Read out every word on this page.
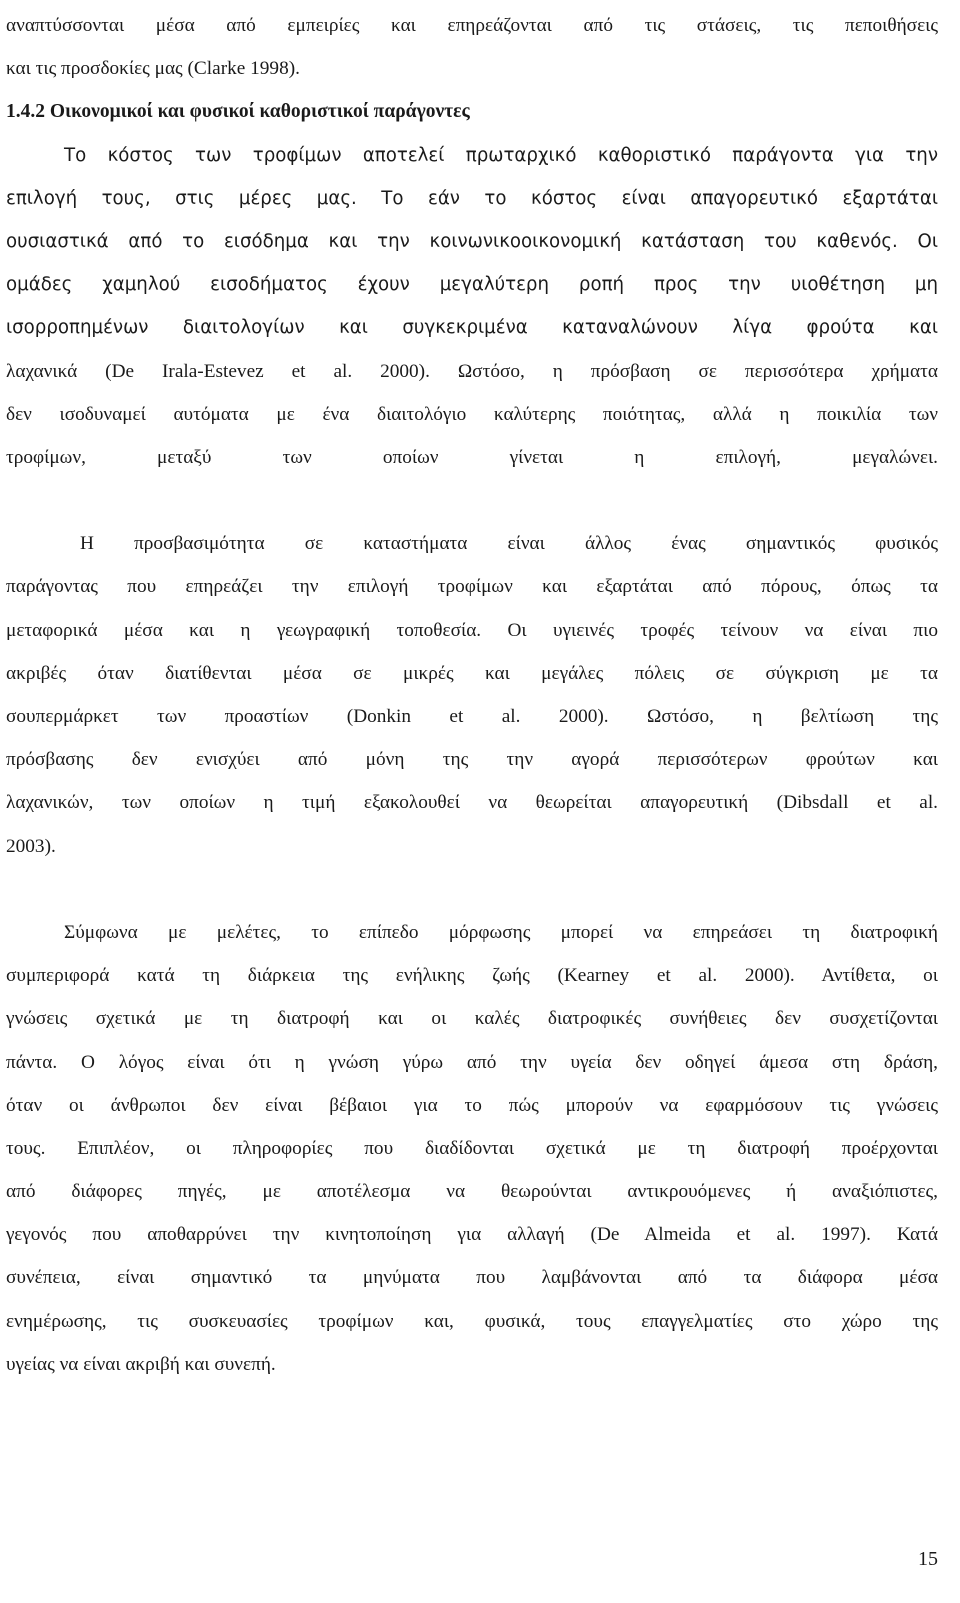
αναπτύσσονται μέσα από εμπειρίες και επηρεάζονται από τις στάσεις, τις πεποιθήσεις
και τις προσδοκίες μας (Clarke 1998).
1.4.2 Οικονομικοί και φυσικοί καθοριστικοί παράγοντες
Το κόστος των τροφίμων αποτελεί πρωταρχικό καθοριστικό παράγοντα για την
επιλογή τους, στις μέρες μας. Το εάν το κόστος είναι απαγορευτικό εξαρτάται
ουσιαστικά από το εισόδημα και την κοινωνικοοικονομική κατάσταση του καθενός. Οι
ομάδες χαμηλού εισοδήματος έχουν μεγαλύτερη ροπή προς την υιοθέτηση μη
ισορροπημένων διαιτολογίων και συγκεκριμένα καταναλώνουν λίγα φρούτα και
λαχανικά (De Irala-Estevez et al. 2000). Ωστόσο, η πρόσβαση σε περισσότερα χρήματα
δεν ισοδυναμεί αυτόματα με ένα διαιτολόγιο καλύτερης ποιότητας, αλλά η ποικιλία των
τροφίμων, μεταξύ των οποίων γίνεται η επιλογή, μεγαλώνει.
Η προσβασιμότητα σε καταστήματα είναι άλλος ένας σημαντικός φυσικός
παράγοντας που επηρεάζει την επιλογή τροφίμων και εξαρτάται από πόρους, όπως τα
μεταφορικά μέσα και η γεωγραφική τοποθεσία. Οι υγιεινές τροφές τείνουν να είναι πιο
ακριβές όταν διατίθενται μέσα σε μικρές και μεγάλες πόλεις σε σύγκριση με τα
σουπερμάρκετ των προαστίων (Donkin et al. 2000). Ωστόσο, η βελτίωση της
πρόσβασης δεν ενισχύει από μόνη της την αγορά περισσότερων φρούτων και
λαχανικών, των οποίων η τιμή εξακολουθεί να θεωρείται απαγορευτική (Dibsdall et al.
2003).
Σύμφωνα με μελέτες, το επίπεδο μόρφωσης μπορεί να επηρεάσει τη διατροφική
συμπεριφορά κατά τη διάρκεια της ενήλικης ζωής (Kearney et al. 2000). Αντίθετα, οι
γνώσεις σχετικά με τη διατροφή και οι καλές διατροφικές συνήθειες δεν συσχετίζονται
πάντα. Ο λόγος είναι ότι η γνώση γύρω από την υγεία δεν οδηγεί άμεσα στη δράση,
όταν οι άνθρωποι δεν είναι βέβαιοι για το πώς μπορούν να εφαρμόσουν τις γνώσεις
τους. Επιπλέον, οι πληροφορίες που διαδίδονται σχετικά με τη διατροφή προέρχονται
από διάφορες πηγές, με αποτέλεσμα να θεωρούνται αντικρουόμενες ή αναξιόπιστες,
γεγονός που αποθαρρύνει την κινητοποίηση για αλλαγή (De Almeida et al. 1997). Κατά
συνέπεια, είναι σημαντικό τα μηνύματα που λαμβάνονται από τα διάφορα μέσα
ενημέρωσης, τις συσκευασίες τροφίμων και, φυσικά, τους επαγγελματίες στο χώρο της
υγείας να είναι ακριβή και συνεπή.
15
